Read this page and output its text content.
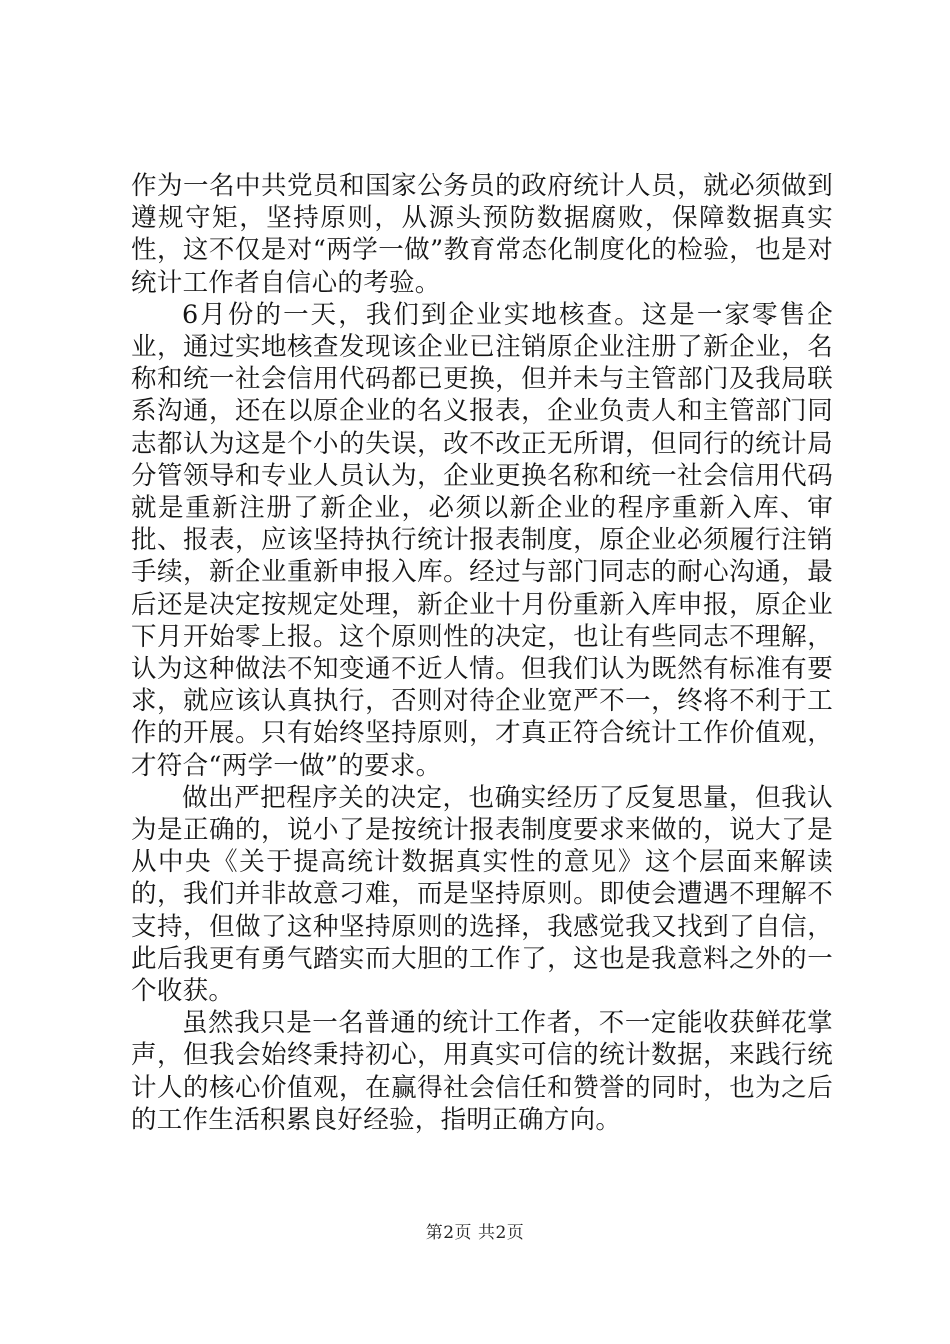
作为一名中共党员和国家公务员的政府统计人员，就必须做到遵规守矩，坚持原则，从源头预防数据腐败，保障数据真实性，这不仅是对“两学一做”教育常态化制度化的检验，也是对统计工作者自信心的考验。

6月份的一天，我们到企业实地核查。这是一家零售企业，通过实地核查发现该企业已注销原企业注册了新企业，名称和统一社会信用代码都已更换，但并未与主管部门及我局联系沟通，还在以原企业的名义报表，企业负责人和主管部门同志都认为这是个小的失误，改不改正无所谓，但同行的统计局分管领导和专业人员认为，企业更换名称和统一社会信用代码就是重新注册了新企业，必须以新企业的程序重新入库、审批、报表，应该坚持执行统计报表制度，原企业必须履行注销手续，新企业重新申报入库。经过与部门同志的耐心沟通，最后还是决定按规定处理，新企业十月份重新入库申报，原企业下月开始零上报。这个原则性的决定，也让有些同志不理解，认为这种做法不知变通不近人情。但我们认为既然有标准有要求，就应该认真执行，否则对待企业宽严不一，终将不利于工作的开展。只有始终坚持原则，才真正符合统计工作价值观，才符合“两学一做”的要求。

做出严把程序关的决定，也确实经历了反复思量，但我认为是正确的，说小了是按统计报表制度要求来做的，说大了是从中央《关于提高统计数据真实性的意见》这个层面来解读的，我们并非故意刁难，而是坚持原则。即使会遭遇不理解不支持，但做了这种坚持原则的选择，我感觉我又找到了自信，此后我更有勇气踏实而大胆的工作了，这也是我意料之外的一个收获。

虽然我只是一名普通的统计工作者，不一定能收获鲜花掌声，但我会始终秉持初心，用真实可信的统计数据，来践行统计人的核心价值观，在赢得社会信任和赞誉的同时，也为之后的工作生活积累良好经验，指明正确方向。

第2页 共2页
